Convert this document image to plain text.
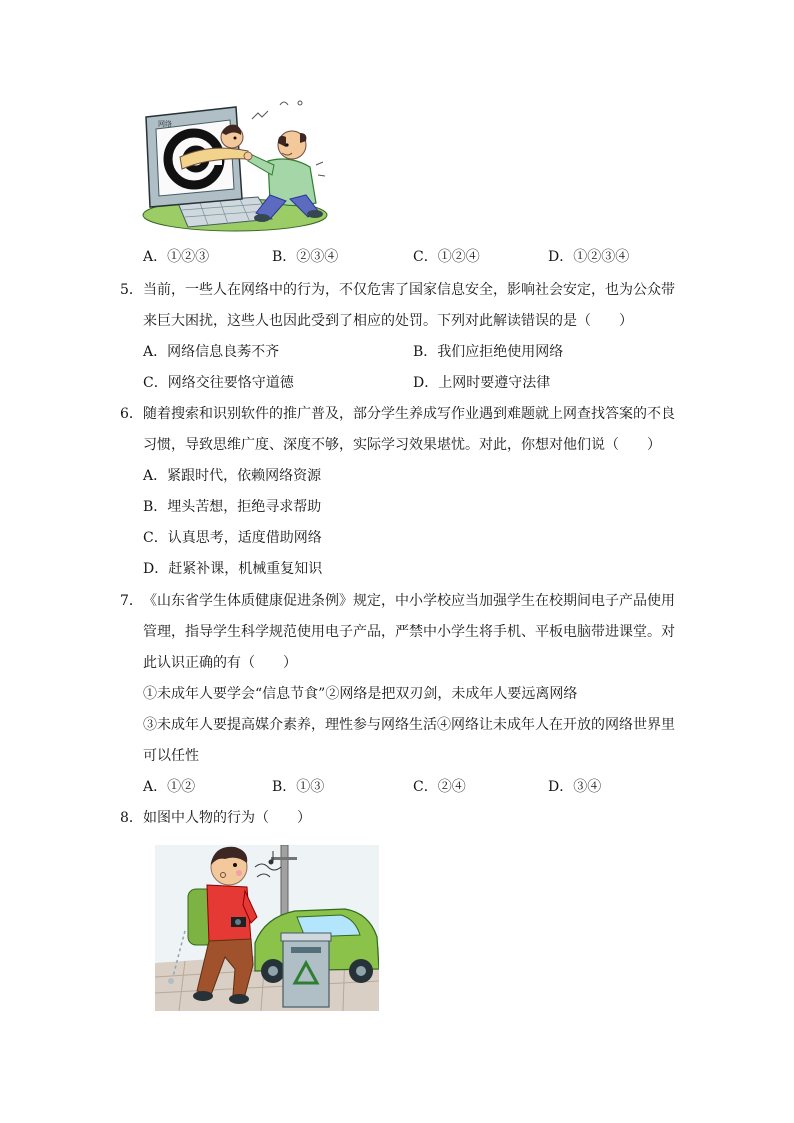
网络
A．①②③	B．②③④	C．①②④	D．①②③④
5． 当前，一些人在网络中的行为，不仅危害了国家信息安全，影响社会安定，也为公众带
来巨大困扰，这些人也因此受到了相应的处罚。下列对此解读错误的是（　　）
A．网络信息良莠不齐	B．我们应拒绝使用网络
C．网络交往要恪守道德	D．上网时要遵守法律
6． 随着搜索和识别软件的推广普及，部分学生养成写作业遇到难题就上网查找答案的不良
习惯，导致思维广度、深度不够，实际学习效果堪忧。对此，你想对他们说（　　）
A．紧跟时代，依赖网络资源
B．埋头苦想，拒绝寻求帮助
C．认真思考，适度借助网络
D．赶紧补课，机械重复知识
7． 《山东省学生体质健康促进条例》规定，中小学校应当加强学生在校期间电子产品使用
管理，指导学生科学规范使用电子产品，严禁中小学生将手机、平板电脑带进课堂。对
此认识正确的有（　　）
①未成年人要学会“信息节食”②网络是把双刃剑，未成年人要远离网络
③未成年人要提高媒介素养，理性参与网络生活④网络让未成年人在开放的网络世界里
可以任性
A．①②	B．①③	C．②④	D．③④
8． 如图中人物的行为（　　）
